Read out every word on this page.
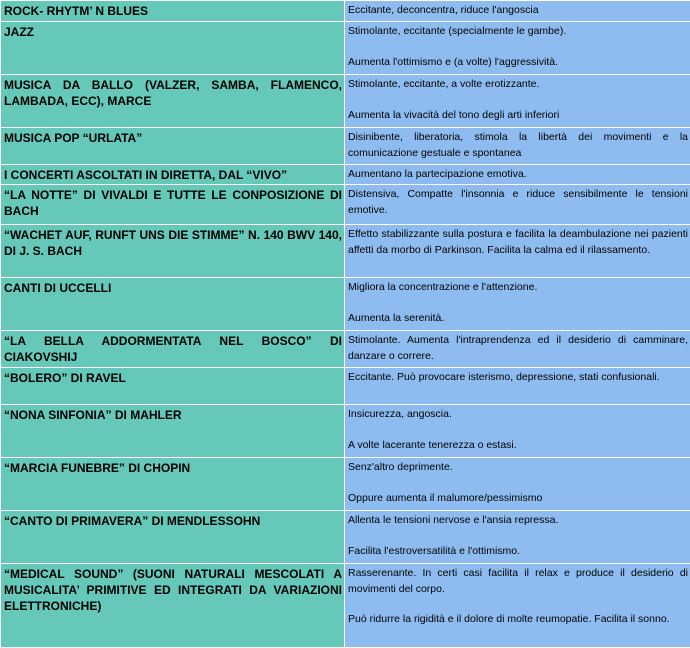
ROCK- RHYTM’ N BLUES	Eccitante, deconcentra, riduce l'angoscia
JAZZ	Stimolante, eccitante (specialmente le gambe).
Aumenta l'ottimismo e (a volte) l'aggressività.
MUSICA DA BALLO (VALZER, SAMBA, FLAMENCO, LAMBADA, ECC), MARCE	Stimolante, eccitante, a volte erotizzante.
Aumenta la vivacità del tono degli arti inferiori
MUSICA POP “URLATA”	Disinibente, liberatoria, stimola la libertà dei movimenti e la comunicazione gestuale e spontanea
I CONCERTI ASCOLTATI IN DIRETTA, DAL “VIVO”	Aumentano la partecipazione emotiva.
“LA NOTTE” DI VIVALDI E TUTTE LE CONPOSIZIONE DI BACH	Distensiva, Compatte l'insonnia e riduce sensibilmente le tensioni emotive.
“WACHET AUF, RUNFT UNS DIE STIMME” N. 140 BWV 140, DI J. S. BACH	Effetto stabilizzante sulla postura e facilita la deambulazione nei pazienti affetti da morbo di Parkinson. Facilita la calma ed il rilassamento.
CANTI DI UCCELLI	Migliora la concentrazione e l'attenzione.
Aumenta la serenità.
“LA BELLA ADDORMENTATA NEL BOSCO” DI CIAKOVSHIJ	Stimolante. Aumenta l'intraprendenza ed il desiderio di camminare, danzare o correre.
“BOLERO” DI RAVEL	Eccitante. Può provocare isterismo, depressione, stati confusionali.
“NONA SINFONIA” DI MAHLER	Insicurezza, angoscia.
A volte lacerante tenerezza o estasi.
“MARCIA FUNEBRE” DI CHOPIN	Senz'altro deprimente.
Oppure aumenta il malumore/pessimismo
“CANTO DI PRIMAVERA” DI MENDLESSOHN	Allenta le tensioni nervose e l'ansia repressa.
Facilita l'estroversatilità e l'ottimismo.
“MEDICAL SOUND” (SUONI NATURALI MESCOLATI A MUSICALITA’ PRIMITIVE ED INTEGRATI DA VARIAZIONI ELETTRONICHE)	Rasserenante. In certi casi facilita il relax e produce il desiderio di movimenti del corpo.
Può ridurre la rigidità e il dolore di molte reumopatie. Facilita il sonno.
